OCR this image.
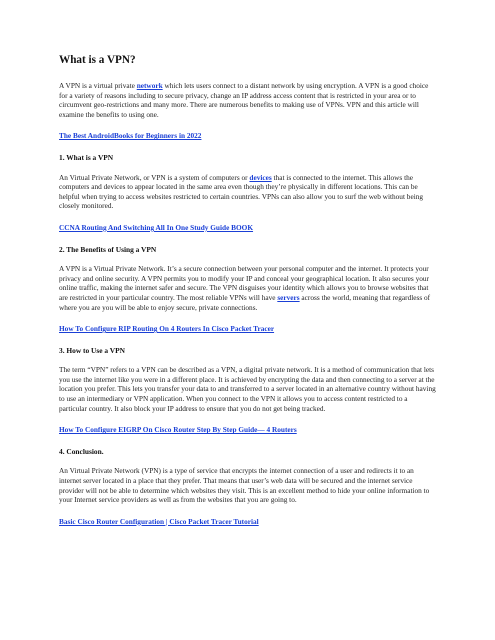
What is a VPN?

A VPN is a virtual private network which lets users connect to a distant network by using encryption. A VPN is a good choice for a variety of reasons including to secure privacy, change an IP address access content that is restricted in your area or to circumvent geo-restrictions and many more. There are numerous benefits to making use of VPNs. VPN and this article will examine the benefits to using one.

The Best AndroidBooks for Beginners in 2022
1. What is a VPN

An Virtual Private Network, or VPN is a system of computers or devices that is connected to the internet. This allows the computers and devices to appear located in the same area even though they’re physically in different locations. This can be helpful when trying to access websites restricted to certain countries. VPNs can also allow you to surf the web without being closely monitored.

CCNA Routing And Switching All In One Study Guide BOOK
2. The Benefits of Using a VPN

A VPN is a Virtual Private Network. It’s a secure connection between your personal computer and the internet. It protects your privacy and online security. A VPN permits you to modify your IP and conceal your geographical location. It also secures your online traffic, making the internet safer and secure. The VPN disguises your identity which allows you to browse websites that are restricted in your particular country. The most reliable VPNs will have servers across the world, meaning that regardless of where you are you will be able to enjoy secure, private connections.

How To Configure RIP Routing On 4 Routers In Cisco Packet Tracer
3. How to Use a VPN

The term “VPN” refers to a VPN can be described as a VPN, a digital private network. It is a method of communication that lets you use the internet like you were in a different place. It is achieved by encrypting the data and then connecting to a server at the location you prefer. This lets you transfer your data to and transferred to a server located in an alternative country without having to use an intermediary or VPN application. When you connect to the VPN it allows you to access content restricted to a particular country. It also block your IP address to ensure that you do not get being tracked.

How To Configure EIGRP On Cisco Router Step By Step Guide— 4 Routers
4. Conclusion.

An Virtual Private Network (VPN) is a type of service that encrypts the internet connection of a user and redirects it to an internet server located in a place that they prefer. That means that user’s web data will be secured and the internet service provider will not be able to determine which websites they visit. This is an excellent method to hide your online information to your Internet service providers as well as from the websites that you are going to.

Basic Cisco Router Configuration | Cisco Packet Tracer Tutorial
